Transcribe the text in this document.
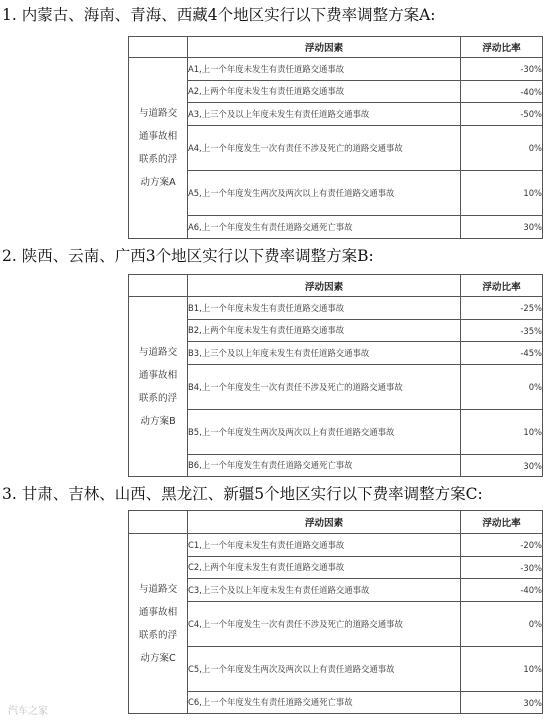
1. 内蒙古、海南、青海、西藏4个地区实行以下费率调整方案A:
	浮动因素	浮动比率

与道路交
通事故相
联系的浮
动方案A	A1,上一个年度未发生有责任道路交通事故	-30%
	A2,上两个年度未发生有责任道路交通事故	-40%
	A3,上三个及以上年度未发生有责任道路交通事故	-50%
	A4,上一个年度发生一次有责任不涉及死亡的道路交通事故	0%
	A5,上一个年度发生两次及两次以上有责任道路交通事故	10%
	A6,上一个年度发生有责任道路交通死亡事故	30%
2. 陕西、云南、广西3个地区实行以下费率调整方案B:
	浮动因素	浮动比率

与道路交
通事故相
联系的浮
动方案B	B1,上一个年度未发生有责任道路交通事故	-25%
	B2,上两个年度未发生有责任道路交通事故	-35%
	B3,上三个及以上年度未发生有责任道路交通事故	-45%
	B4,上一个年度发生一次有责任不涉及死亡的道路交通事故	0%
	B5,上一个年度发生两次及两次以上有责任道路交通事故	10%
	B6,上一个年度发生有责任道路交通死亡事故	30%
3. 甘肃、吉林、山西、黑龙江、新疆5个地区实行以下费率调整方案C:
	浮动因素	浮动比率

与道路交
通事故相
联系的浮
动方案C	C1,上一个年度未发生有责任道路交通事故	-20%
	C2,上两个年度未发生有责任道路交通事故	-30%
	C3,上三个及以上年度未发生有责任道路交通事故	-40%
	C4,上一个年度发生一次有责任不涉及死亡的道路交通事故	0%
	C5,上一个年度发生两次及两次以上有责任道路交通事故	10%
	C6,上一个年度发生有责任道路交通死亡事故	30%
汽车之家
